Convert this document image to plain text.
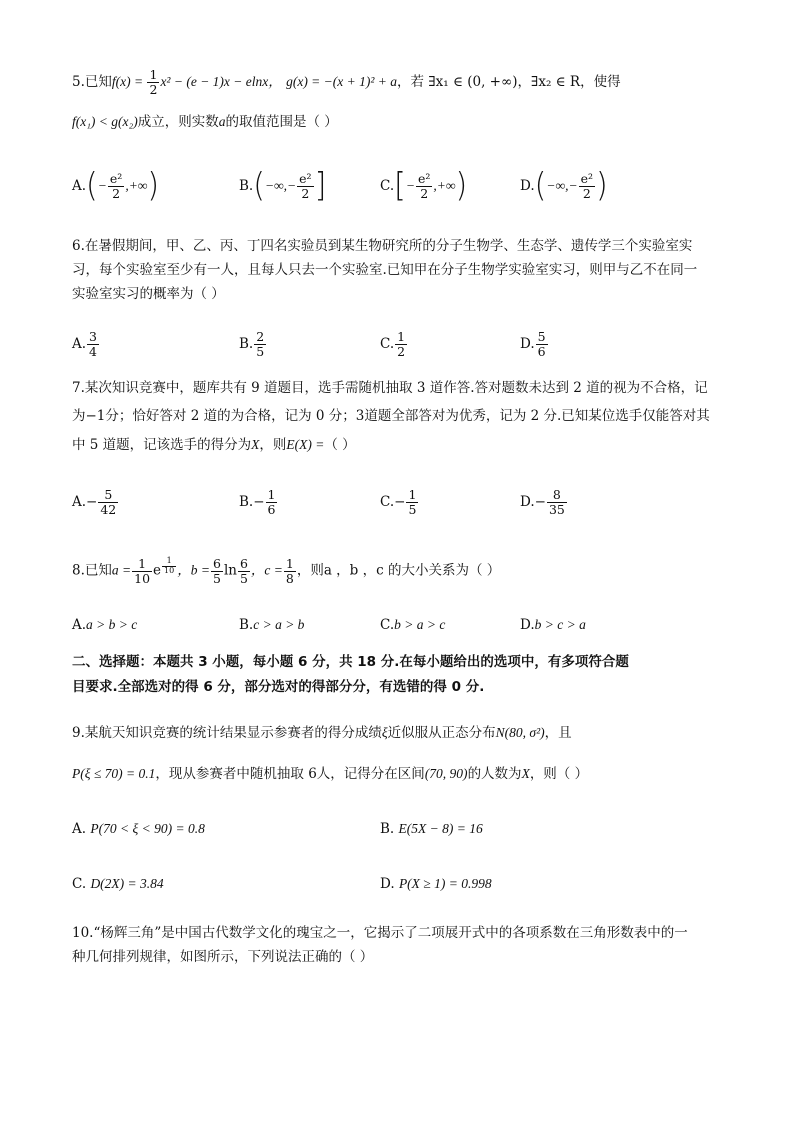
5.已知$f(x) = \frac{1}{2} x^2 - (e - 1)x - elnx$， g(x) = −(x + 1)² + a，若 ∃x₁ ∈ (0, +∞)，∃x₂ ∈ R，使得
f(x₁) < g(x₂)成立，则实数a的取值范围是（ ）
$A.(- \frac{\text{e²}}{2}$ ,+∞)	$B.(-\infty,- \frac{\text{e²}}{2}$ ]	$C.[- \frac{\text{e²}}{2}$ ,+∞)	$D.(-\infty,- \frac{\text{e²}}{2}$ )
6.在暑假期间，甲、乙、丙、丁四名实验员到某生物研究所的分子生物学、生态学、遗传学三个实验室实
习，每个实验室至少有一人，且每人只去一个实验室.已知甲在分子生物学实验室实习，则甲与乙不在同一
实验室实习的概率为（ ）
A. $\frac{3}{4}$	B. $\frac{2}{5}$	C. $\frac{1}{2}$	D. $\frac{5}{6}$
7.某次知识竞赛中，题库共有 9 道题目，选手需随机抽取 3 道作答.答对题数未达到 2 道的视为不合格，记
为−1分；恰好答对 2 道的为合格，记为 0 分；3道题全部答对为优秀，记为 2 分.已知某位选手仅能答对其
中 5 道题，记该选手的得分为X，则E(X) =（ ）
$A.- \frac{5}{42}$	$B.- \frac{1}{6}$	$C.- \frac{1}{5}$	$D.- \frac{8}{35}$
8.已知$a = \frac{1}{10}$ e $^{\frac{1}{10}}$ ，$b = \frac{6}{5}$ $\ln \frac{6}{5}$ ，$c = \frac{1}{8}$ ，则a ，b ，c 的大小关系为（ ）
A.a > b > c	B.c > a > b	C.b > a > c	D.b > c > a
二、选择题：本题共 3 小题，每小题 6 分，共 18 分.在每小题给出的选项中，有多项符合题
目要求.全部选对的得 6 分，部分选对的得部分分，有选错的得 0 分.
9.某航天知识竞赛的统计结果显示参赛者的得分成绩ξ近似服从正态分布N(80, σ²)，且
P(ξ ≤ 70) = 0.1，现从参赛者中随机抽取 6人，记得分在区间(70, 90)的人数为X，则（ ）
A. P(70 < ξ < 90) = 0.8	B. E(5X − 8) = 16
C. D(2X) = 3.84	D. P(X ≥ 1) = 0.998
10.“杨辉三角”是中国古代数学文化的瑰宝之一，它揭示了二项展开式中的各项系数在三角形数表中的一
种几何排列规律，如图所示，下列说法正确的（ ）
